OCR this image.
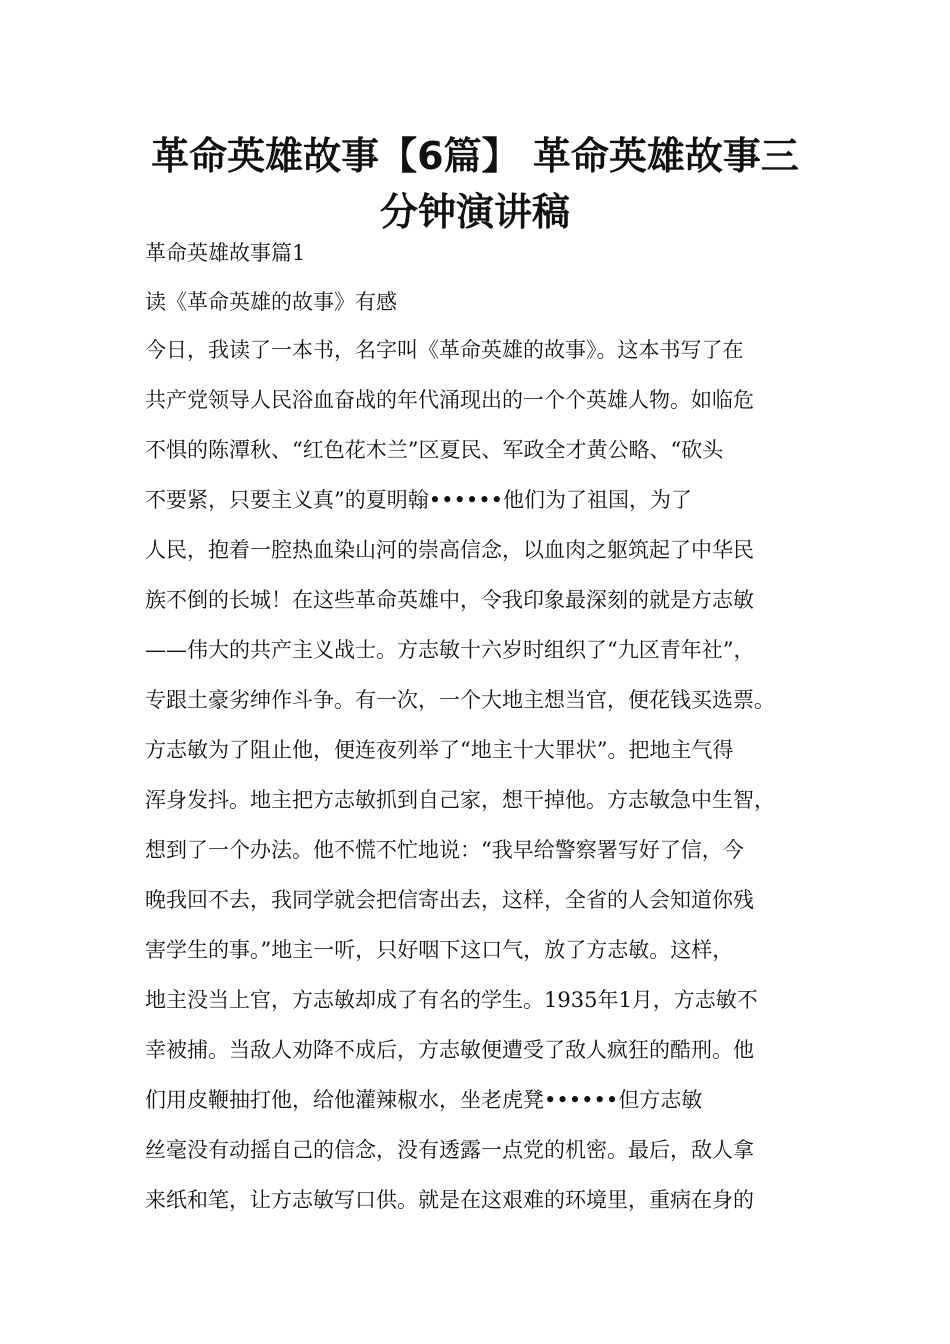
革命英雄故事【6篇】 革命英雄故事三
分钟演讲稿

革命英雄故事篇1

读《革命英雄的故事》有感

今日，我读了一本书，名字叫《革命英雄的故事》。这本书写了在

共产党领导人民浴血奋战的年代涌现出的一个个英雄人物。如临危

不惧的陈潭秋、“红色花木兰”区夏民、军政全才黄公略、“砍头

不要紧，只要主义真”的夏明翰••••••他们为了祖国，为了

人民，抱着一腔热血染山河的崇高信念，以血肉之躯筑起了中华民

族不倒的长城！在这些革命英雄中，令我印象最深刻的就是方志敏

——伟大的共产主义战士。方志敏十六岁时组织了“九区青年社”，

专跟土豪劣绅作斗争。有一次，一个大地主想当官，便花钱买选票。

方志敏为了阻止他，便连夜列举了“地主十大罪状”。把地主气得

浑身发抖。地主把方志敏抓到自己家，想干掉他。方志敏急中生智，

想到了一个办法。他不慌不忙地说：“我早给警察署写好了信，今

晚我回不去，我同学就会把信寄出去，这样，全省的人会知道你残

害学生的事。”地主一听，只好咽下这口气，放了方志敏。这样，

地主没当上官，方志敏却成了有名的学生。1935年1月，方志敏不

幸被捕。当敌人劝降不成后，方志敏便遭受了敌人疯狂的酷刑。他

们用皮鞭抽打他，给他灌辣椒水，坐老虎凳••••••但方志敏

丝毫没有动摇自己的信念，没有透露一点党的机密。最后，敌人拿

来纸和笔，让方志敏写口供。就是在这艰难的环境里，重病在身的
